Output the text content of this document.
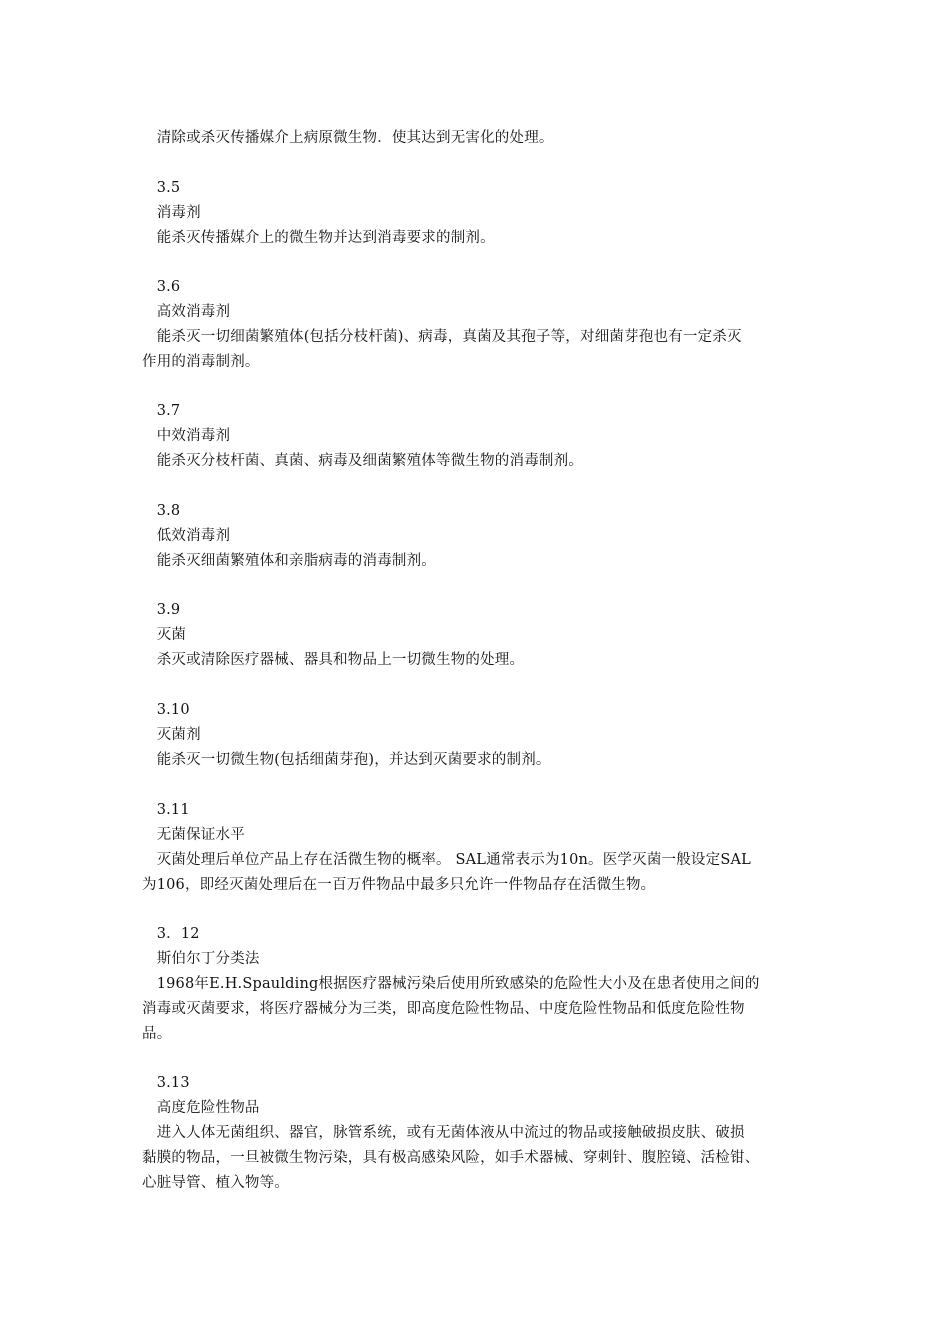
　清除或杀灭传播媒介上病原微生物．使其达到无害化的处理。
　3.5
　消毒剂
　能杀灭传播媒介上的微生物并达到消毒要求的制剂。
　3.6
　高效消毒剂
　能杀灭一切细菌繁殖体(包括分枝杆菌)、病毒，真菌及其孢子等，对细菌芽孢也有一定杀灭
作用的消毒制剂。
　3.7
　中效消毒剂
　能杀灭分枝杆菌、真菌、病毒及细菌繁殖体等微生物的消毒制剂。
　3.8
　低效消毒剂
　能杀灭细菌繁殖体和亲脂病毒的消毒制剂。
　3.9
　灭菌
　杀灭或清除医疗器械、器具和物品上一切微生物的处理。
　3.10
　灭菌剂
　能杀灭一切微生物(包括细菌芽孢)，并达到灭菌要求的制剂。
　3.11
　无菌保证水平
　灭菌处理后单位产品上存在活微生物的概率。 SAL通常表示为10n。医学灭菌一般设定SAL
为106，即经灭菌处理后在一百万件物品中最多只允许一件物品存在活微生物。
　3．12
　斯伯尔丁分类法
　1968年E.H.Spaulding根据医疗器械污染后使用所致感染的危险性大小及在患者使用之间的
消毒或灭菌要求，将医疗器械分为三类，即高度危险性物品、中度危险性物品和低度危险性物
品。
　3.13
　高度危险性物品
　进入人体无菌组织、器官，脉管系统，或有无菌体液从中流过的物品或接触破损皮肤、破损
黏膜的物品，一旦被微生物污染，具有极高感染风险，如手术器械、穿刺针、腹腔镜、活检钳、
心脏导管、植入物等。
